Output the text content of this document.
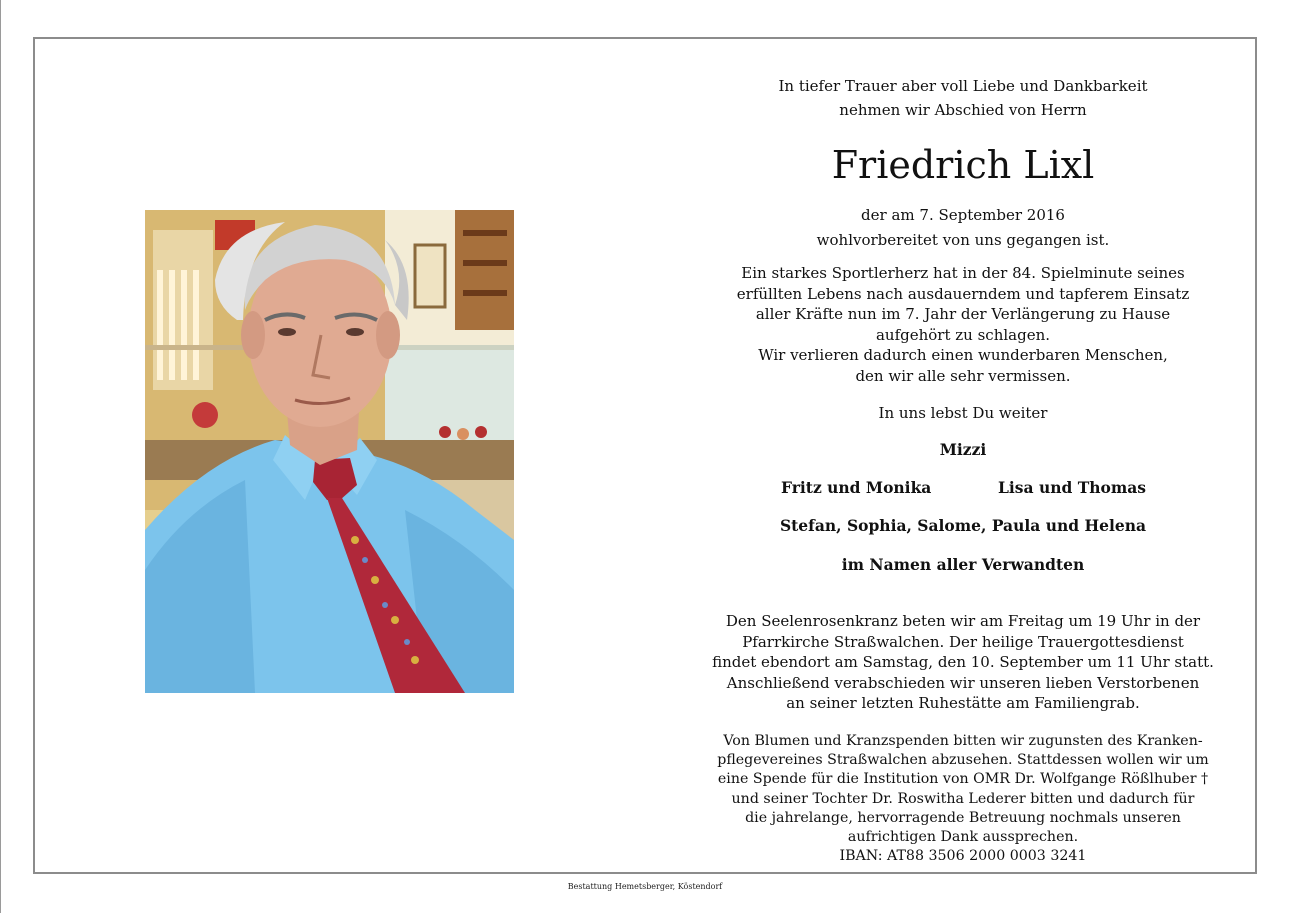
In tiefer Trauer aber voll Liebe und Dankbarkeit
nehmen wir Abschied von Herrn
Friedrich Lixl
der am 7. September 2016
wohlvorbereitet von uns gegangen ist.
Ein starkes Sportlerherz hat in der 84. Spielminute seines
erfüllten Lebens nach ausdauerndem und tapferem Einsatz
aller Kräfte nun im 7. Jahr der Verlängerung zu Hause
aufgehört zu schlagen.
Wir verlieren dadurch einen wunderbaren Menschen,
den wir alle sehr vermissen.
In uns lebst Du weiter
Mizzi
Fritz und Monika	Lisa und Thomas
Stefan, Sophia, Salome, Paula und Helena
im Namen aller Verwandten
Den Seelenrosenkranz beten wir am Freitag um 19 Uhr in der
Pfarrkirche Straßwalchen. Der heilige Trauergottesdienst
findet ebendort am Samstag, den 10. September um 11 Uhr statt.
Anschließend verabschieden wir unseren lieben Verstorbenen
an seiner letzten Ruhestätte am Familiengrab.
Von Blumen und Kranzspenden bitten wir zugunsten des Kranken-
pflegevereines Straßwalchen abzusehen. Stattdessen wollen wir um
eine Spende für die Institution von OMR Dr. Wolfgange Rößlhuber †
und seiner Tochter Dr. Roswitha Lederer bitten und dadurch für
die jahrelange, hervorragende Betreuung nochmals unseren
aufrichtigen Dank aussprechen.
IBAN: AT88 3506 2000 0003 3241
Bestattung Hemetsberger, Köstendorf
